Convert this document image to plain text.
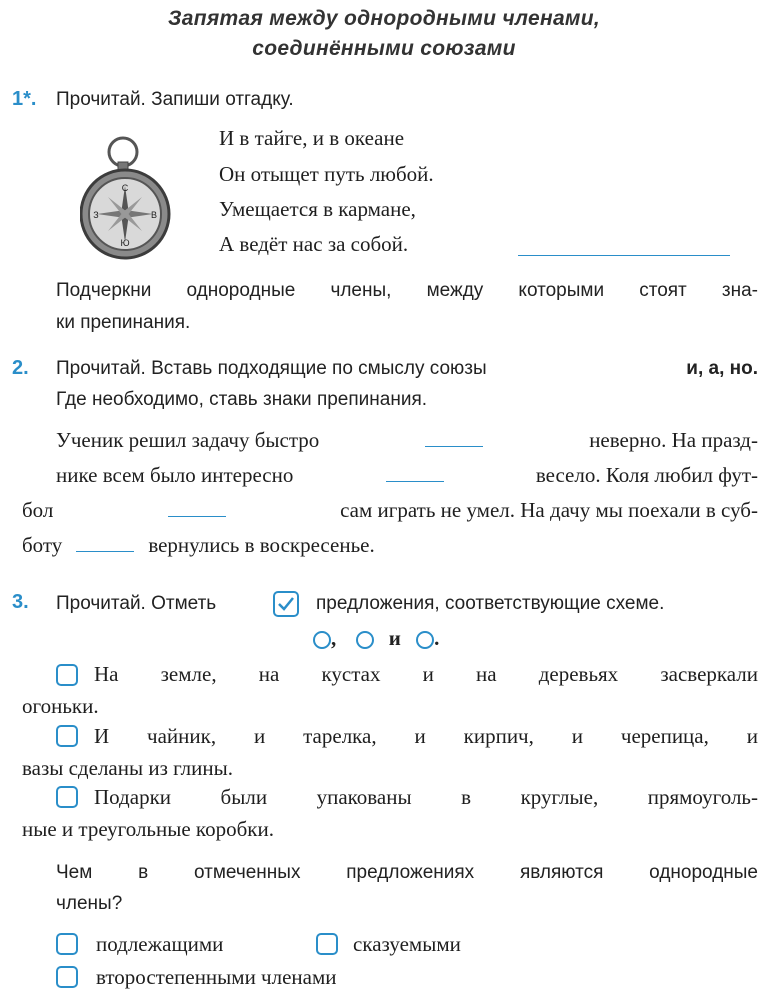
Запятая между однородными членами,
соединёнными союзами
1*. Прочитай. Запиши отгадку.
С
Ю
З	В
И в тайге, и в океане
Он отыщет путь любой.
Умещается в кармане,
А ведёт нас за собой.
Подчеркни однородные члены, между которыми стоят зна-
ки препинания.
2. Прочитай. Вставь подходящие по смыслу союзы	и, а, но.
Где необходимо, ставь знаки препинания.
Ученик решил задачу быстро	неверно. На празд-
нике всем было интересно	весело. Коля любил фут-
бол	сам играть не умел. На дачу мы поехали в суб-
боту	вернулись в воскресенье.
3. Прочитай. Отметь	предложения, соответствующие схеме.
,	и .
На земле, на кустах и на деревьях засверкали
огоньки.
И чайник, и тарелка, и кирпич, и черепица, и
вазы сделаны из глины.
Подарки были упакованы в круглые, прямоуголь-
ные и треугольные коробки.
Чем в отмеченных предложениях являются однородные
члены?
подлежащими	сказуемыми
второстепенными членами
